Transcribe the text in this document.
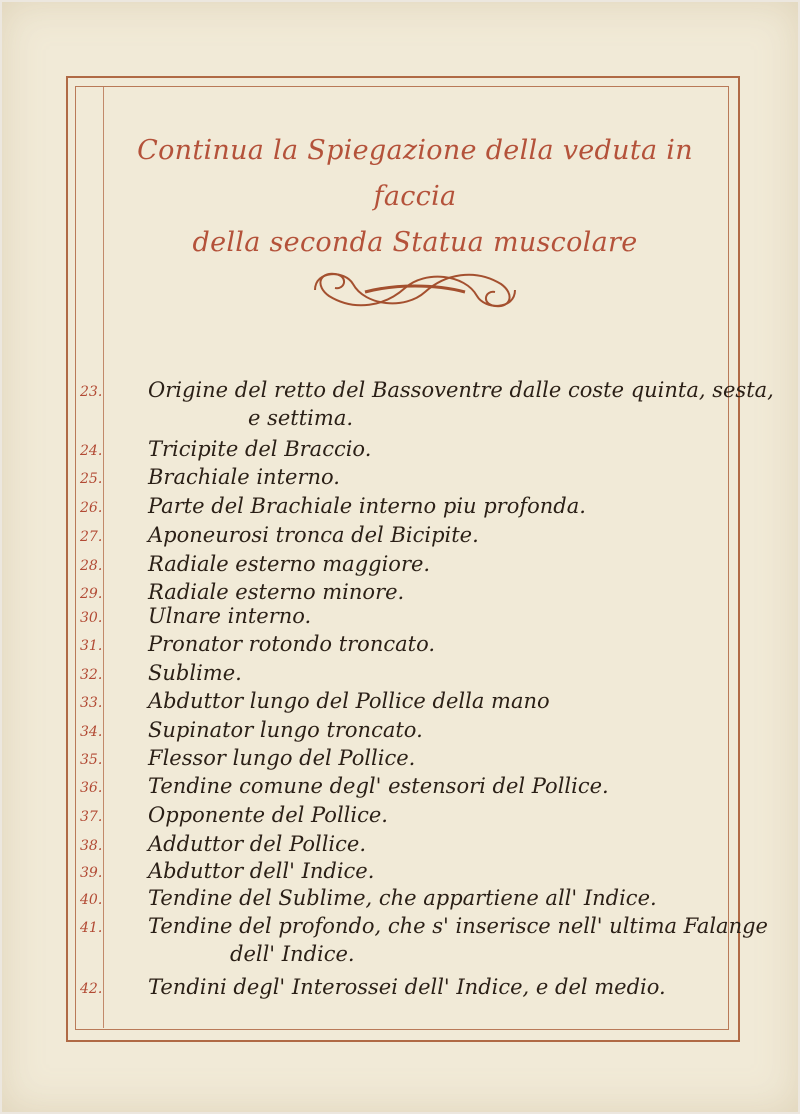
Continua la Spiegazione della veduta in faccia
della seconda Statua muscolare
23.	Origine del retto del Bassoventre dalle coste quinta, sesta,
e settima.
24.	Tricipite del Braccio.
25.	Brachiale interno.
26.	Parte del Brachiale interno piu profonda.
27.	Aponeurosi tronca del Bicipite.
28.	Radiale esterno maggiore.
29.	Radiale esterno minore.
30.	Ulnare interno.
31.	Pronator rotondo troncato.
32.	Sublime.
33.	Abduttor lungo del Pollice della mano
34.	Supinator lungo troncato.
35.	Flessor lungo del Pollice.
36.	Tendine comune degl' estensori del Pollice.
37.	Opponente del Pollice.
38.	Adduttor del Pollice.
39.	Abduttor dell' Indice.
40.	Tendine del Sublime, che appartiene all' Indice.
41.	Tendine del profondo, che s' inserisce nell' ultima Falange
dell' Indice.
42.	Tendini degl' Interossei dell' Indice, e del medio.
